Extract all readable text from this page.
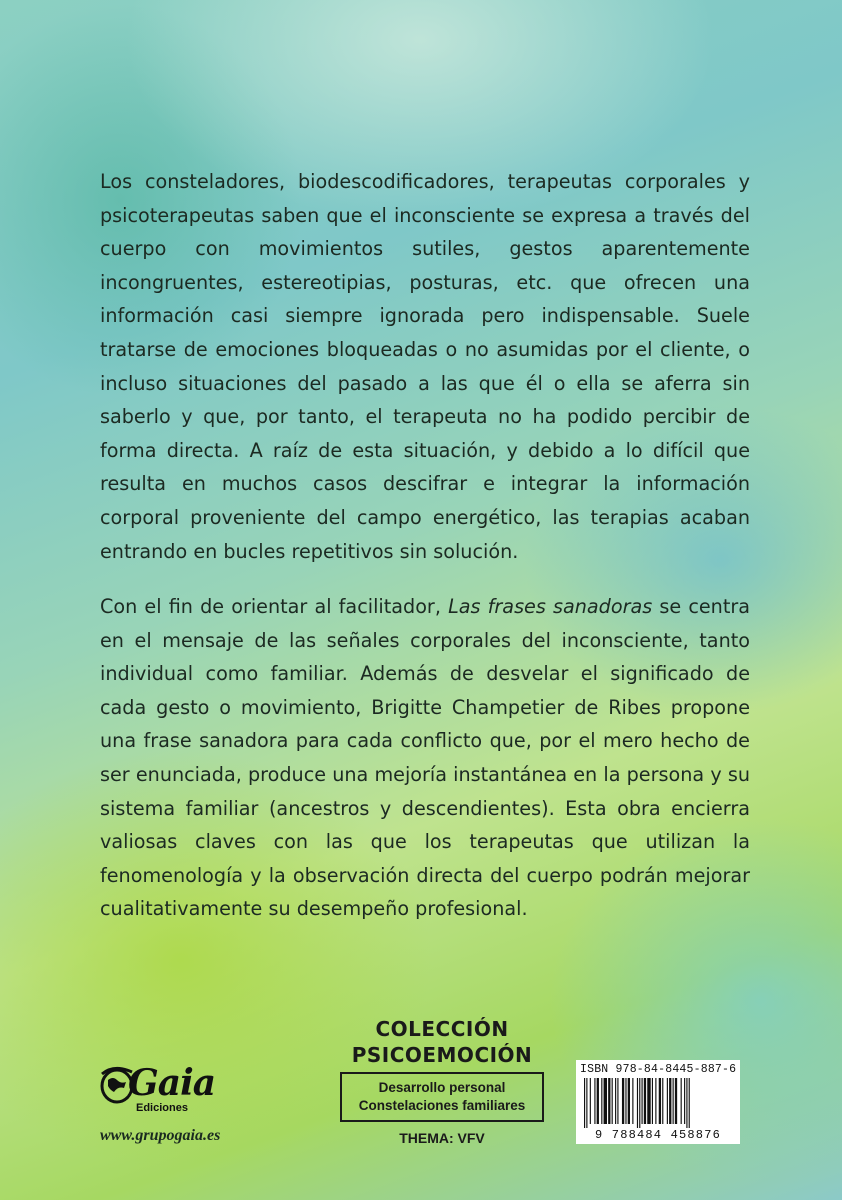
Los consteladores, biodescodificadores, terapeutas corporales y psicoterapeutas saben que el inconsciente se expresa a través del cuerpo con movimientos sutiles, gestos aparentemente incongruentes, estereotipias, posturas, etc. que ofrecen una información casi siempre ignorada pero indispensable. Suele tratarse de emociones bloqueadas o no asumidas por el cliente, o incluso situaciones del pasado a las que él o ella se aferra sin saberlo y que, por tanto, el terapeuta no ha podido percibir de forma directa. A raíz de esta situación, y debido a lo difícil que resulta en muchos casos descifrar e integrar la información corporal proveniente del campo energético, las terapias acaban entrando en bucles repetitivos sin solución.

Con el fin de orientar al facilitador, Las frases sanadoras se centra en el mensaje de las señales corporales del inconsciente, tanto individual como familiar. Además de desvelar el significado de cada gesto o movimiento, Brigitte Champetier de Ribes propone una frase sanadora para cada conflicto que, por el mero hecho de ser enunciada, produce una mejoría instantánea en la persona y su sistema familiar (ancestros y descendientes). Esta obra encierra valiosas claves con las que los terapeutas que utilizan la fenomenología y la observación directa del cuerpo podrán mejorar cualitativamente su desempeño profesional.

Gaia
Ediciones
www.grupogaia.es
COLECCIÓN
PSICOEMOCIÓN
Desarrollo personal
Constelaciones familiares
THEMA: VFV
ISBN 978-84-8445-887-6
9 788484 458876
